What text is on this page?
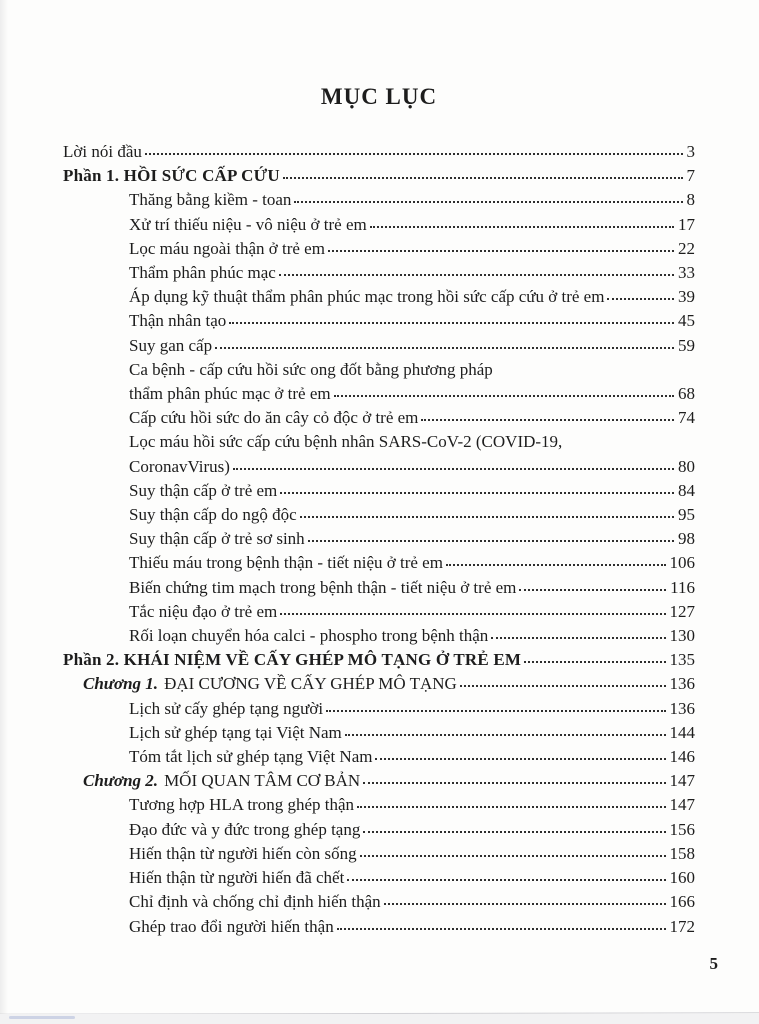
MỤC LỤC
Lời nói đầu	3
Phần 1. HỒI SỨC CẤP CỨU	7
Thăng bằng kiềm - toan	8
Xử trí thiếu niệu - vô niệu ở trẻ em	17
Lọc máu ngoài thận ở trẻ em	22
Thẩm phân phúc mạc	33
Áp dụng kỹ thuật thẩm phân phúc mạc trong hồi sức cấp cứu ở trẻ em	39
Thận nhân tạo	45
Suy gan cấp	59
Ca bệnh - cấp cứu hồi sức ong đốt bằng phương pháp
thẩm phân phúc mạc ở trẻ em	68
Cấp cứu hồi sức do ăn cây cỏ độc ở trẻ em	74
Lọc máu hồi sức cấp cứu bệnh nhân SARS-CoV-2 (COVID-19,
CoronavVirus)	80
Suy thận cấp ở trẻ em	84
Suy thận cấp do ngộ độc	95
Suy thận cấp ở trẻ sơ sinh	98
Thiếu máu trong bệnh thận - tiết niệu ở trẻ em	106
Biến chứng tim mạch trong bệnh thận - tiết niệu ở trẻ em	116
Tắc niệu đạo ở trẻ em	127
Rối loạn chuyển hóa calci - phospho trong bệnh thận	130
Phần 2. KHÁI NIỆM VỀ CẤY GHÉP MÔ TẠNG Ở TRẺ EM	135
Chương 1. ĐẠI CƯƠNG VỀ CẤY GHÉP MÔ TẠNG	136
Lịch sử cấy ghép tạng người	136
Lịch sử ghép tạng tại Việt Nam	144
Tóm tắt lịch sử ghép tạng Việt Nam	146
Chương 2. MỐI QUAN TÂM CƠ BẢN	147
Tương hợp HLA trong ghép thận	147
Đạo đức và y đức trong ghép tạng	156
Hiến thận từ người hiến còn sống	158
Hiến thận từ người hiến đã chết	160
Chỉ định và chống chỉ định hiến thận	166
Ghép trao đổi người hiến thận	172
5
